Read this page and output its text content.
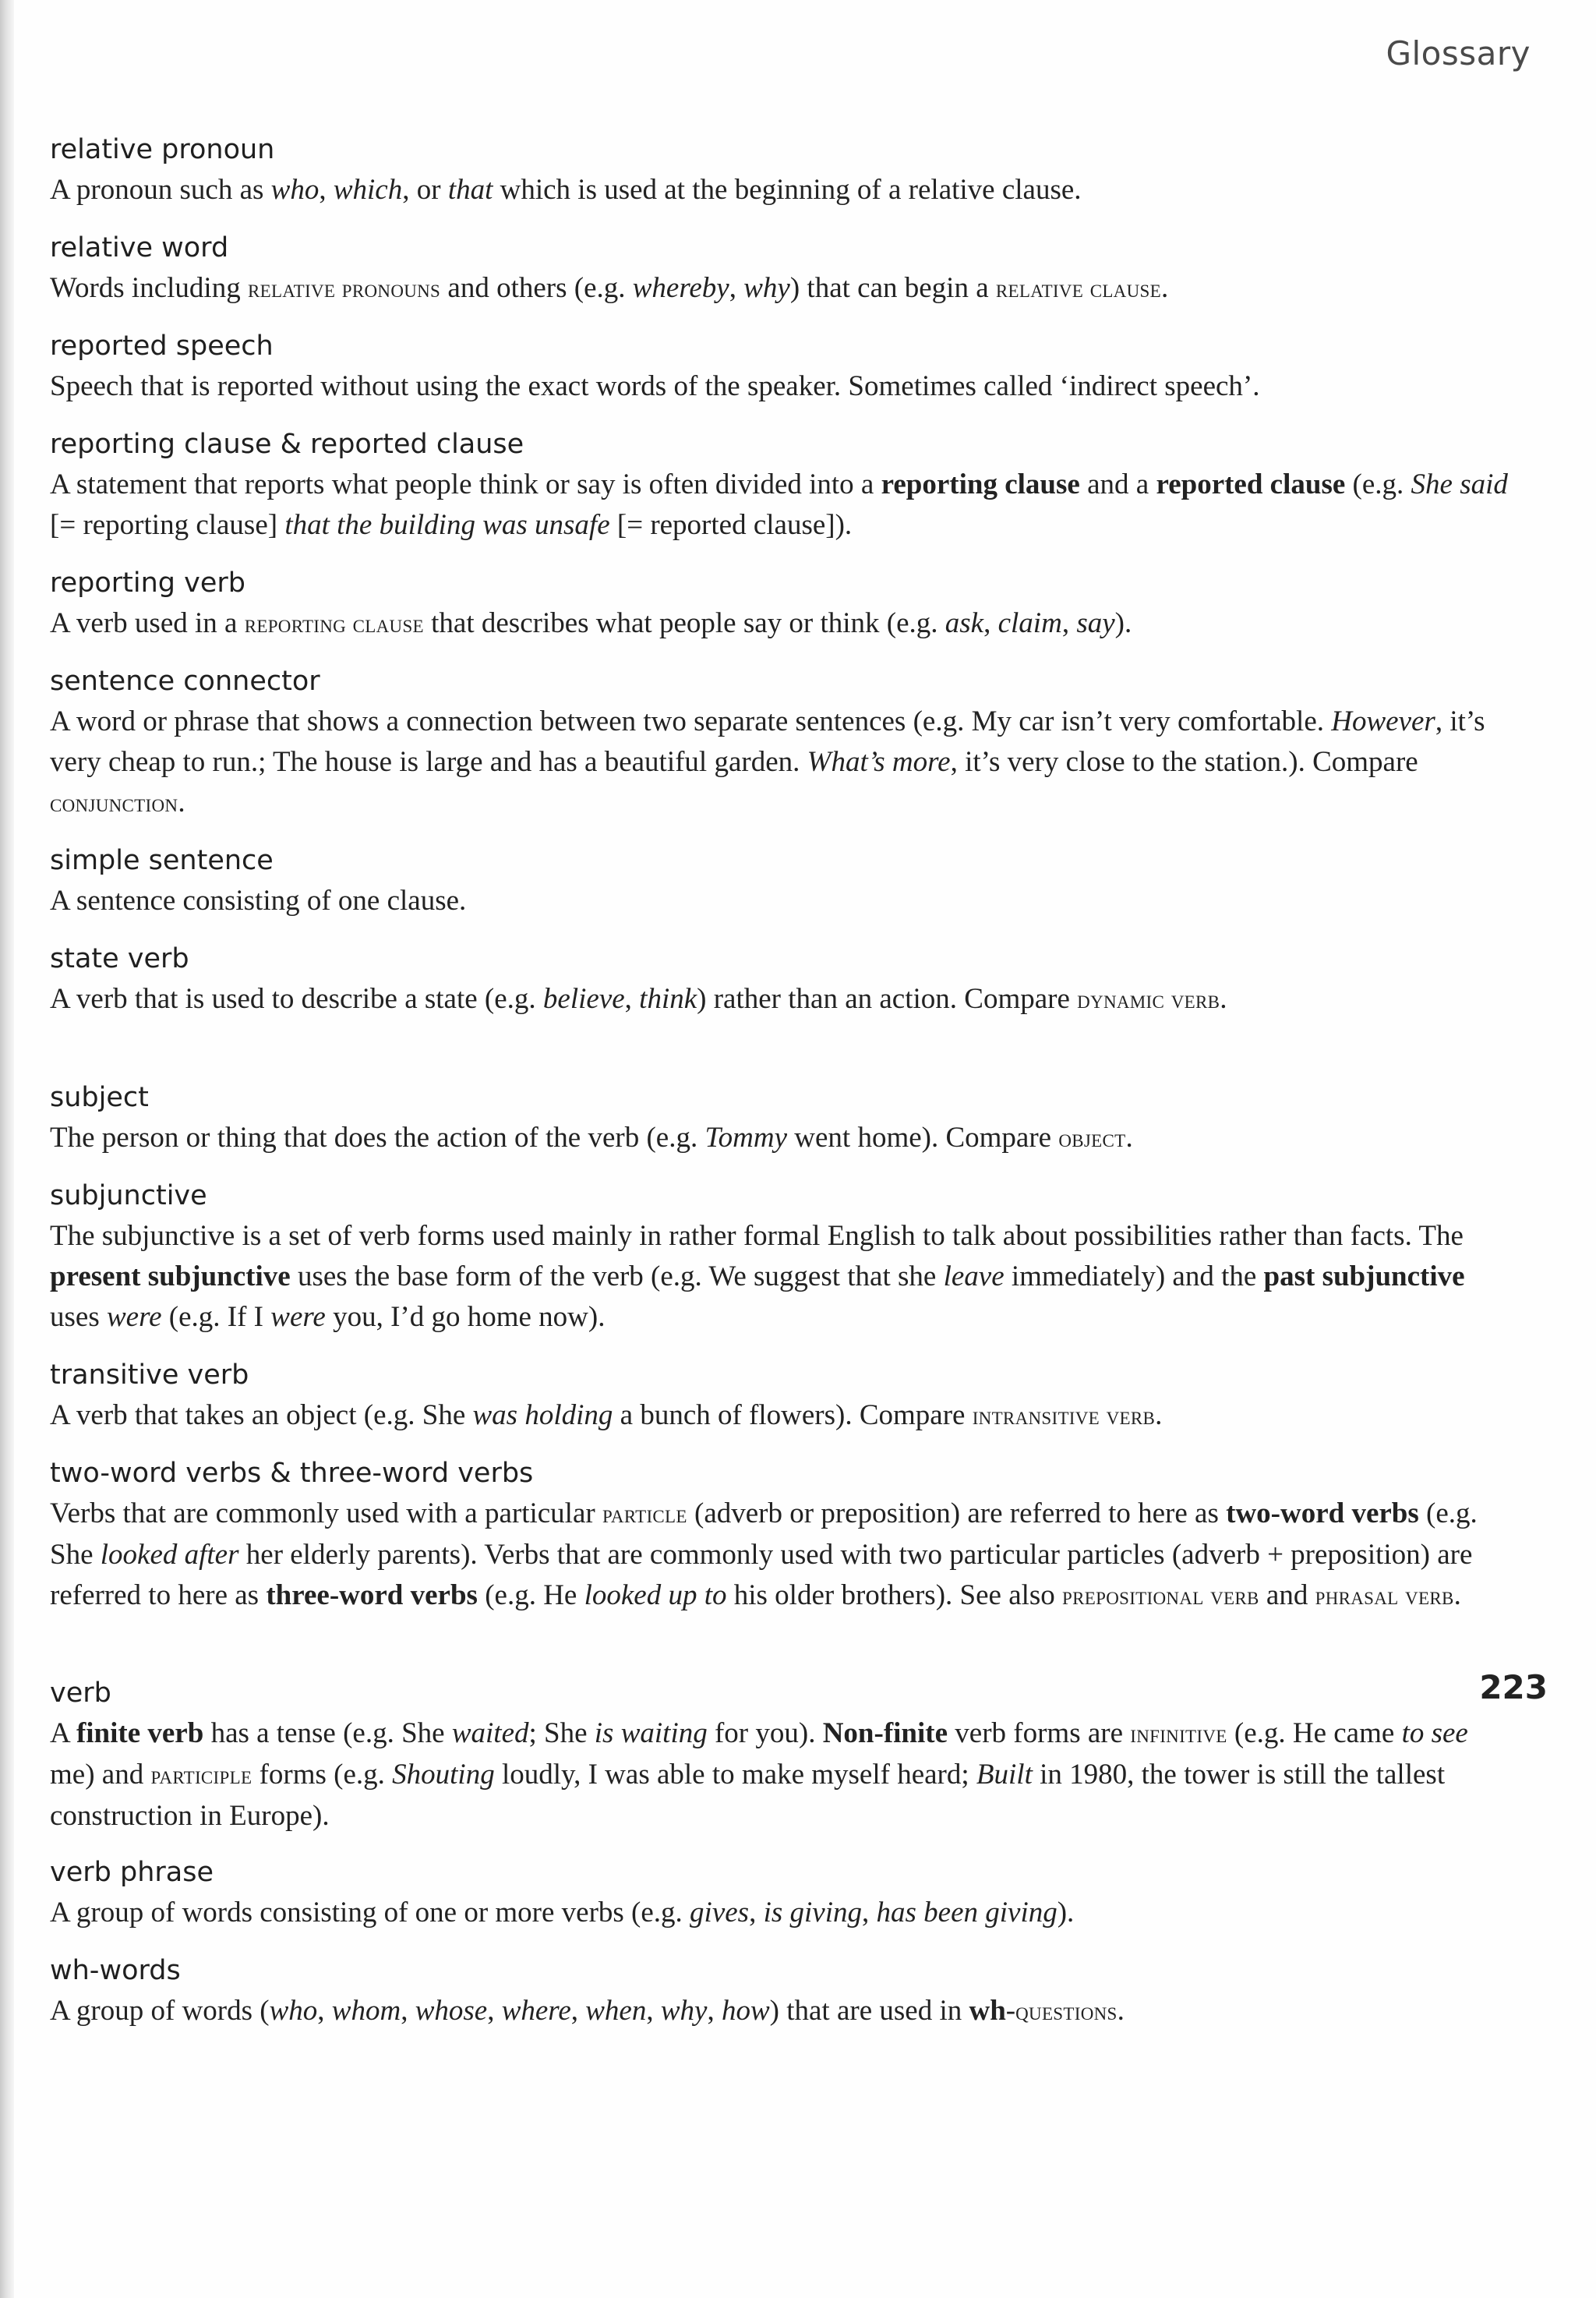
Glossary

relative pronoun

A pronoun such as who, which, or that which is used at the beginning of a relative clause.

relative word

Words including relative pronouns and others (e.g. whereby, why) that can begin a relative clause.

reported speech

Speech that is reported without using the exact words of the speaker. Sometimes called ‘indirect speech’.

reporting clause & reported clause

A statement that reports what people think or say is often divided into a reporting clause and a reported clause (e.g. She said [= reporting clause] that the building was unsafe [= reported clause]).

reporting verb

A verb used in a reporting clause that describes what people say or think (e.g. ask, claim, say).

sentence connector

A word or phrase that shows a connection between two separate sentences (e.g. My car isn’t very comfortable. However, it’s very cheap to run.; The house is large and has a beautiful garden. What’s more, it’s very close to the station.). Compare conjunction.

simple sentence

A sentence consisting of one clause.

state verb

A verb that is used to describe a state (e.g. believe, think) rather than an action. Compare dynamic verb.

subject

The person or thing that does the action of the verb (e.g. Tommy went home). Compare object.

subjunctive

The subjunctive is a set of verb forms used mainly in rather formal English to talk about possibilities rather than facts. The present subjunctive uses the base form of the verb (e.g. We suggest that she leave immediately) and the past subjunctive uses were (e.g. If I were you, I’d go home now).

transitive verb

A verb that takes an object (e.g. She was holding a bunch of flowers). Compare intransitive verb.

two-word verbs & three-word verbs

Verbs that are commonly used with a particular particle (adverb or preposition) are referred to here as two-word verbs (e.g. She looked after her elderly parents). Verbs that are commonly used with two particular particles (adverb + preposition) are referred to here as three-word verbs (e.g. He looked up to his older brothers). See also prepositional verb and phrasal verb.

verb

A finite verb has a tense (e.g. She waited; She is waiting for you). Non-finite verb forms are infinitive (e.g. He came to see me) and participle forms (e.g. Shouting loudly, I was able to make myself heard; Built in 1980, the tower is still the tallest construction in Europe).

verb phrase

A group of words consisting of one or more verbs (e.g. gives, is giving, has been giving).

wh-words

A group of words (who, whom, whose, where, when, why, how) that are used in wh-questions.

223
